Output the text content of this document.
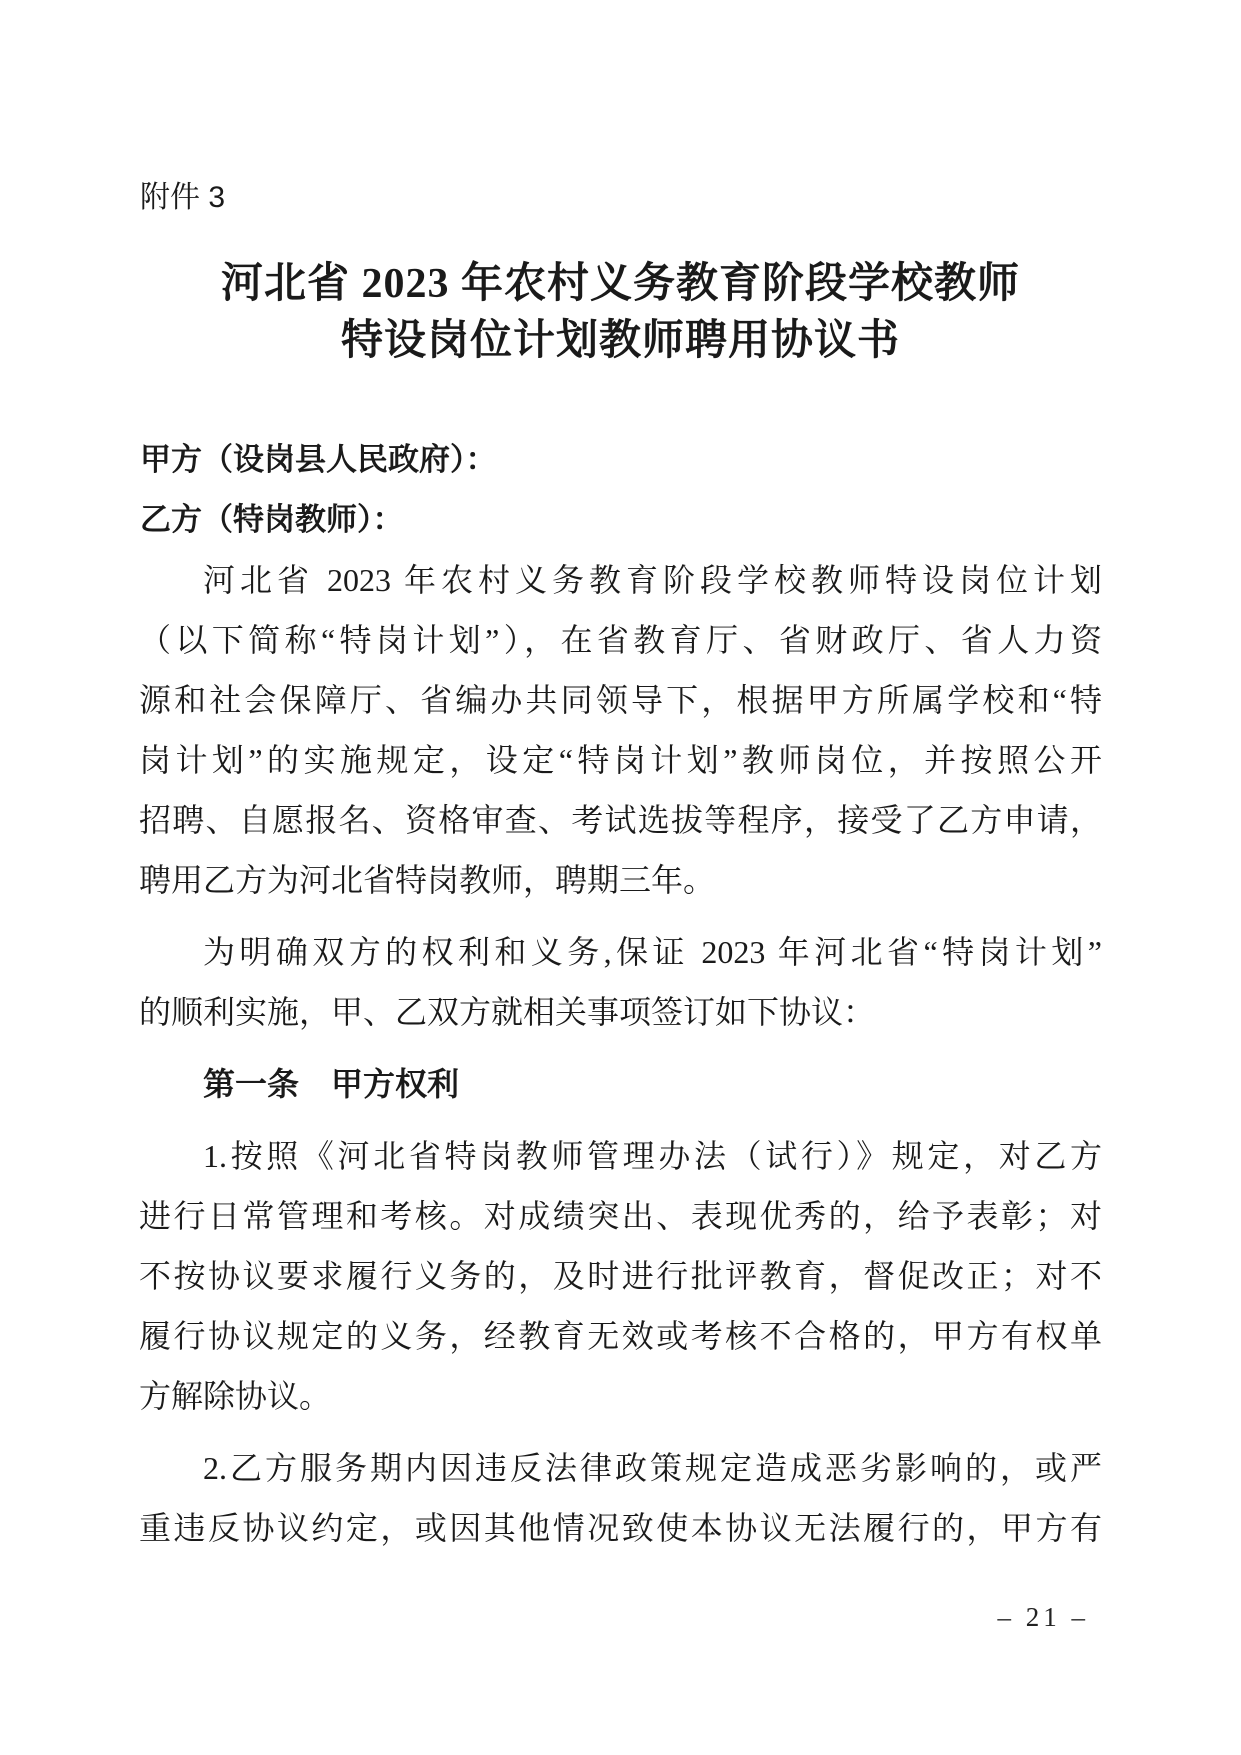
附件 3
河北省 2023 年农村义务教育阶段学校教师
特设岗位计划教师聘用协议书
甲方（设岗县人民政府）：
乙方（特岗教师）：
河北省 2023 年农村义务教育阶段学校教师特设岗位计划
（以下简称“特岗计划”），在省教育厅、省财政厅、省人力资
源和社会保障厅、省编办共同领导下，根据甲方所属学校和“特
岗计划”的实施规定，设定“特岗计划”教师岗位，并按照公开
招聘、自愿报名、资格审查、考试选拔等程序，接受了乙方申请，
聘用乙方为河北省特岗教师，聘期三年。
为明确双方的权利和义务,保证 2023 年河北省“特岗计划”
的顺利实施，甲、乙双方就相关事项签订如下协议：
第一条　甲方权利
1.按照《河北省特岗教师管理办法（试行）》规定，对乙方
进行日常管理和考核。对成绩突出、表现优秀的，给予表彰；对
不按协议要求履行义务的，及时进行批评教育，督促改正；对不
履行协议规定的义务，经教育无效或考核不合格的，甲方有权单
方解除协议。
2.乙方服务期内因违反法律政策规定造成恶劣影响的，或严
重违反协议约定，或因其他情况致使本协议无法履行的，甲方有
– 21 –
